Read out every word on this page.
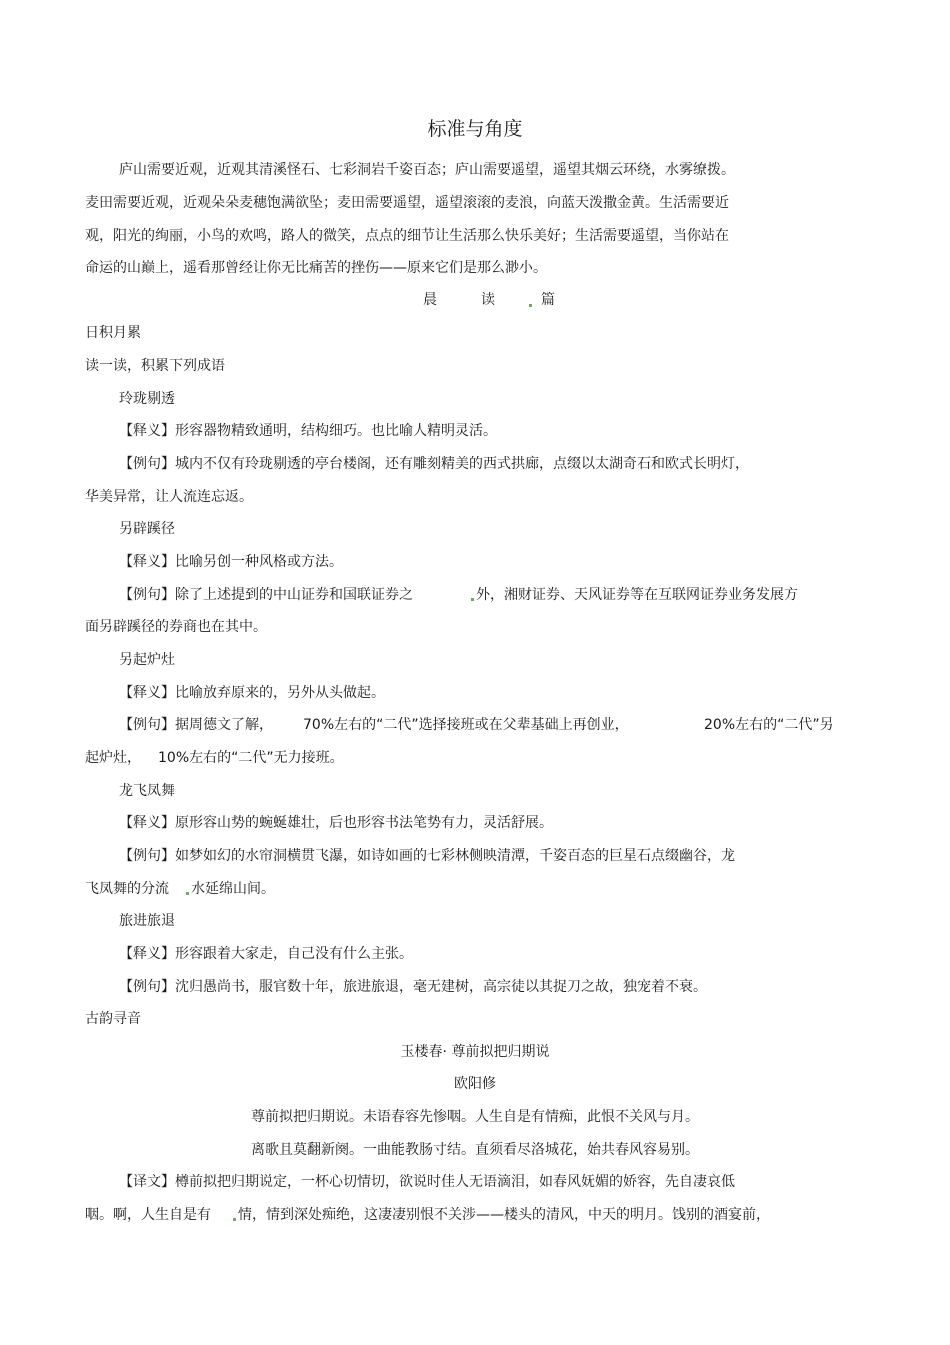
标准与角度
庐山需要近观，近观其清溪怪石、七彩洞岩千姿百态；庐山需要遥望，遥望其烟云环绕，水雾缭拨。
麦田需要近观，近观朵朵麦穗饱满欲坠；麦田需要遥望，遥望滚滚的麦浪，向蓝天泼撒金黄。生活需要近
观，阳光的绚丽，小鸟的欢鸣，路人的微笑，点点的细节让生活那么快乐美好；生活需要遥望，当你站在
命运的山巅上，遥看那曾经让你无比痛苦的挫伤——原来它们是那么渺小。
晨	读	篇
日积月累
读一读，积累下列成语
玲珑剔透
【释义】形容器物精致通明，结构细巧。也比喻人精明灵活。
【例句】城内不仅有玲珑剔透的亭台楼阁，还有雕刻精美的西式拱廊，点缀以太湖奇石和欧式长明灯，
华美异常，让人流连忘返。
另辟蹊径
【释义】比喻另创一种风格或方法。
【例句】除了上述提到的中山证券和国联证券之	外，湘财证券、天风证券等在互联网证券业务发展方
面另辟蹊径的券商也在其中。
另起炉灶
【释义】比喻放弃原来的，另外从头做起。
【例句】据周德文了解， 70%左右的“二代”选择接班或在父辈基础上再创业，	20%左右的“二代”另
起炉灶， 10%左右的“二代”无力接班。
龙飞凤舞
【释义】原形容山势的蜿蜒雄壮，后也形容书法笔势有力，灵活舒展。
【例句】如梦如幻的水帘洞横贯飞瀑，如诗如画的七彩林侧映清潭，千姿百态的巨星石点缀幽谷，龙
飞凤舞的分流 水延绵山间。
旅进旅退
【释义】形容跟着大家走，自己没有什么主张。
【例句】沈归愚尚书，服官数十年，旅进旅退，毫无建树，高宗徒以其捉刀之故，独宠着不衰。
古韵寻音
玉楼春· 尊前拟把归期说
欧阳修
尊前拟把归期说。未语春容先惨咽。人生自是有情痴，此恨不关风与月。
离歌且莫翻新阕。一曲能教肠寸结。直须看尽洛城花，始共春风容易别。
【译文】樽前拟把归期说定，一杯心切情切，欲说时佳人无语滴泪，如春风妩媚的娇容，先自凄哀低
咽。啊，人生自是有 情，情到深处痴绝，这凄凄别恨不关涉——楼头的清风，中天的明月。饯别的酒宴前，
